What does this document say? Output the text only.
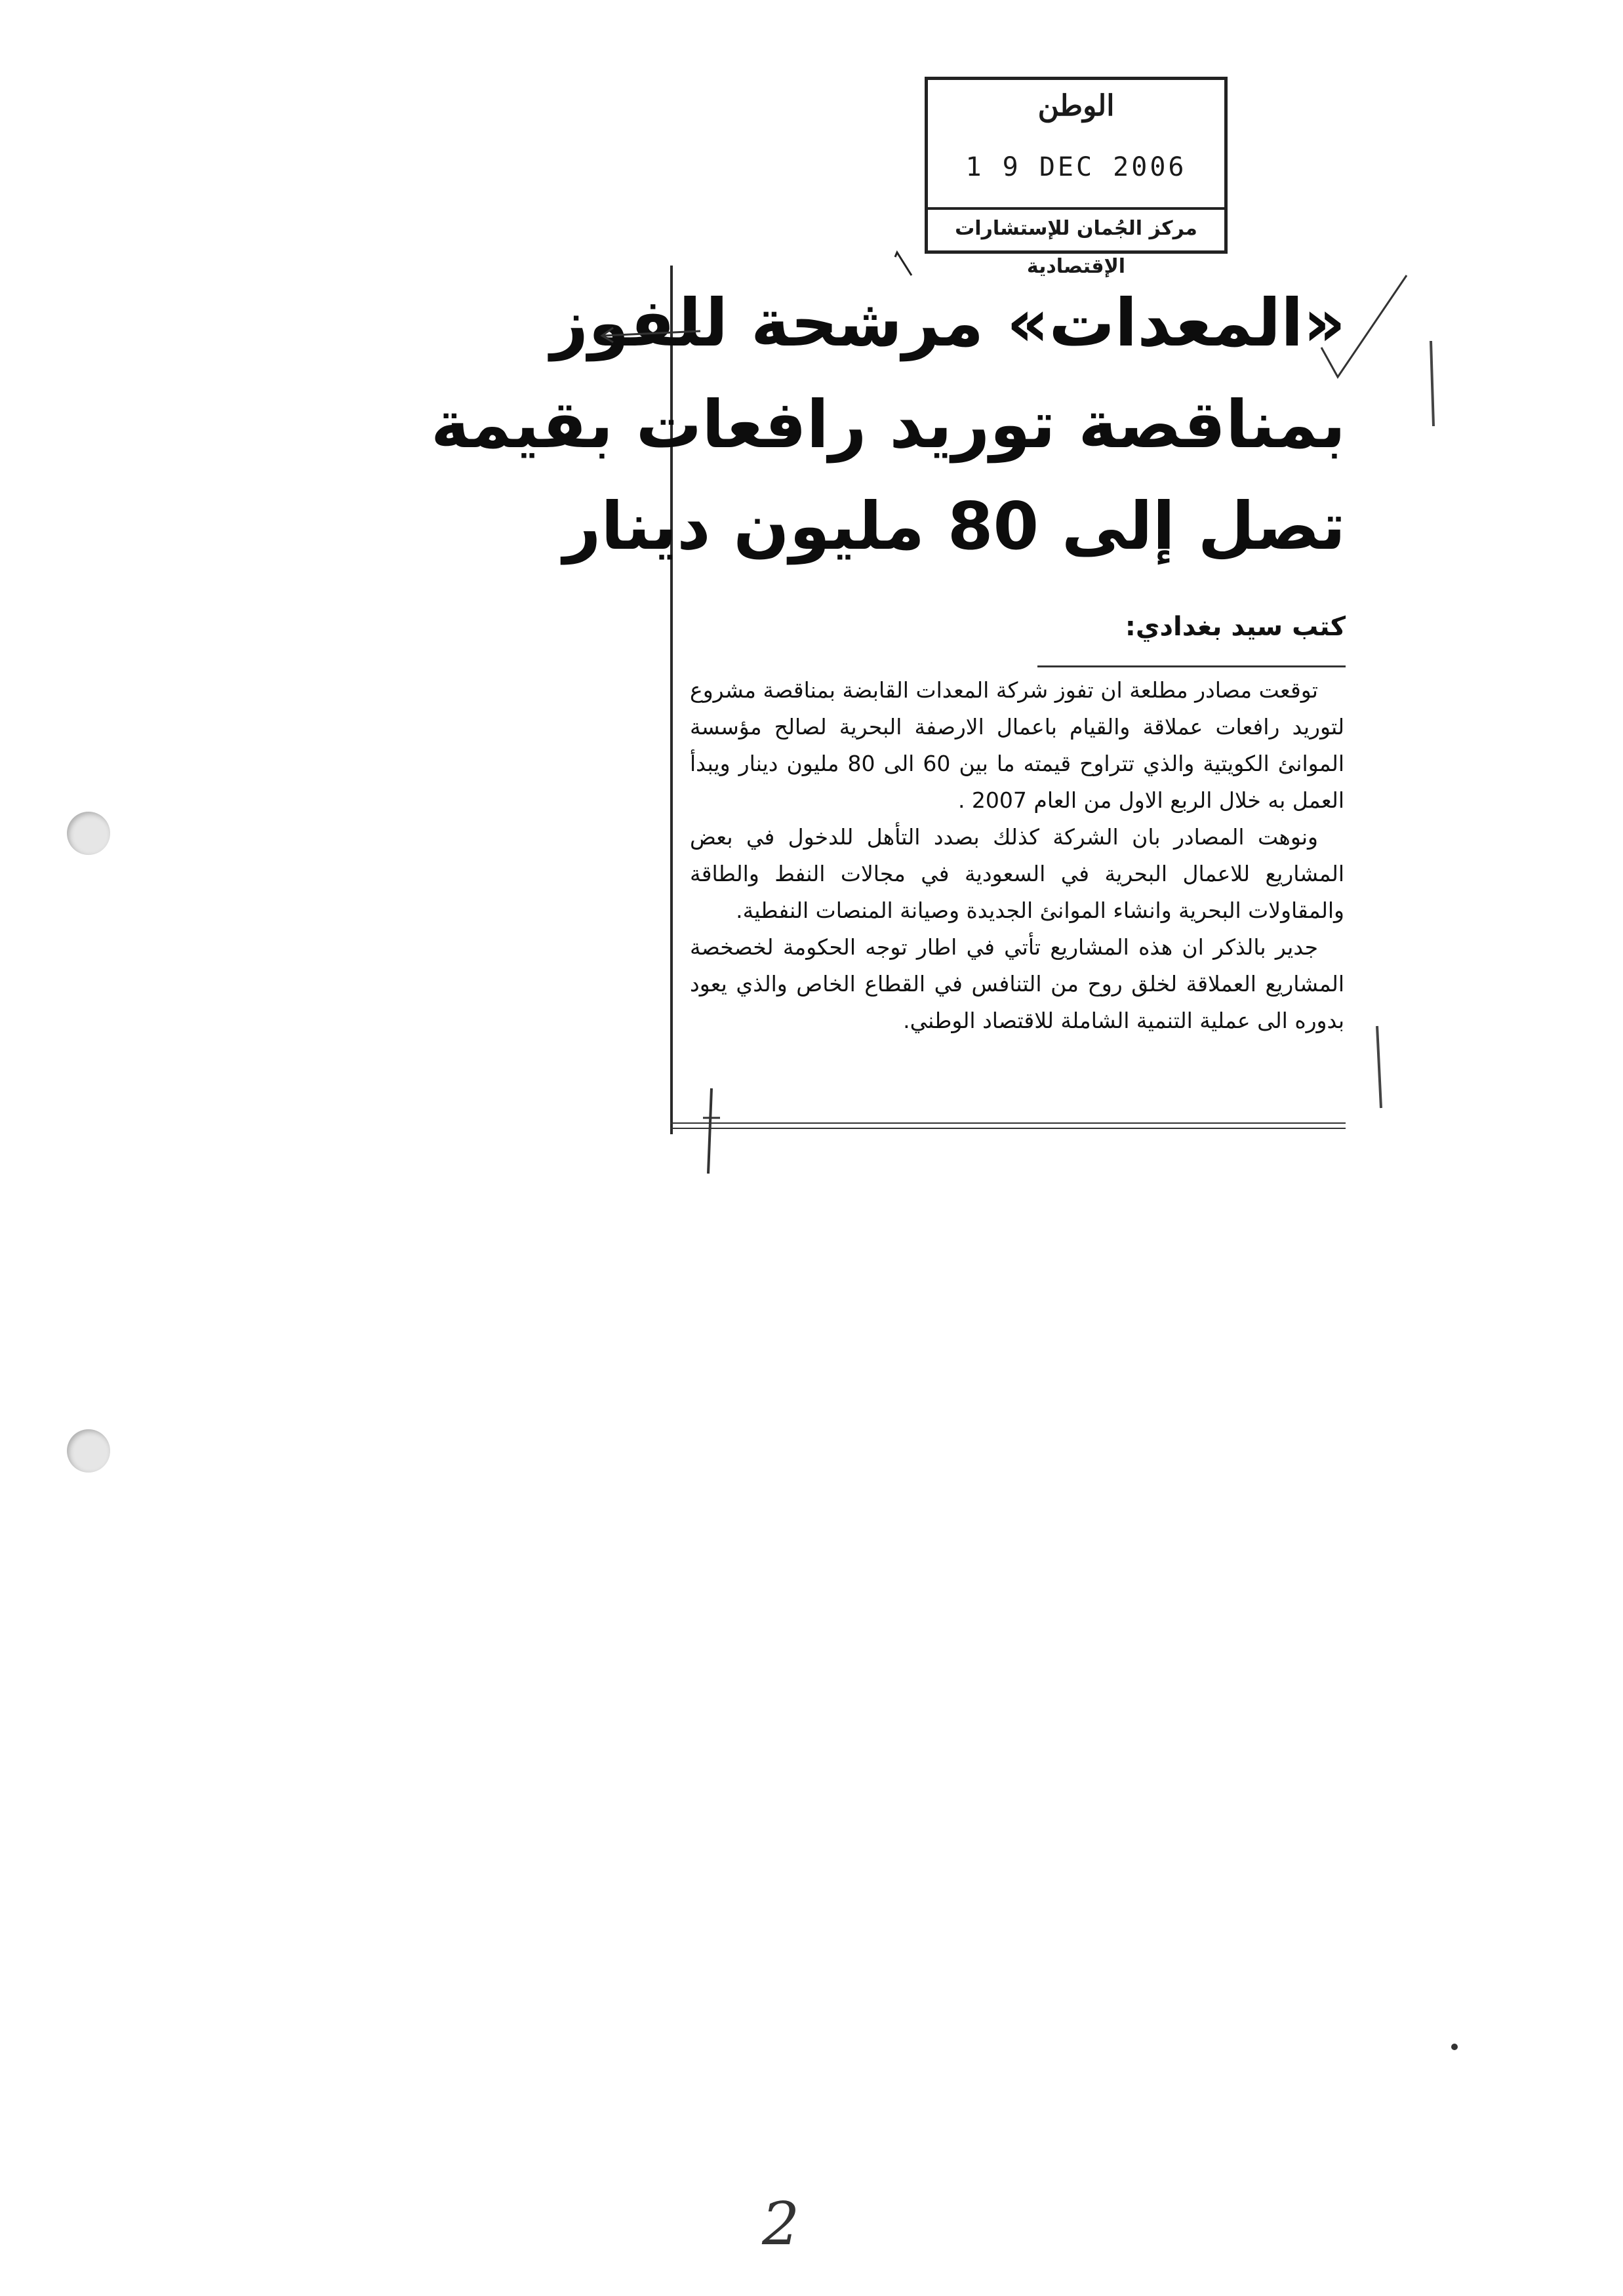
الوطن
1 9 DEC 2006
مركز الجُمان للإستشارات الإقتصادية
«المعدات» مرشحة للفوز
بمناقصة توريد رافعات بقيمة
تصل إلى 80 مليون دينار
كتب سيد بغدادي:

توقعت مصادر مطلعة ان تفوز شركة المعدات القابضة بمناقصة مشروع لتوريد رافعات عملاقة والقيام باعمال الارصفة البحرية لصالح مؤسسة الموانئ الكويتية والذي تتراوح قيمته ما بين 60 الى 80 مليون دينار ويبدأ العمل به خلال الربع الاول من العام 2007 .

ونوهت المصادر بان الشركة كذلك بصدد التأهل للدخول في بعض المشاريع للاعمال البحرية في السعودية في مجالات النفط والطاقة والمقاولات البحرية وانشاء الموانئ الجديدة وصيانة المنصات النفطية.

جدير بالذكر ان هذه المشاريع تأتي في اطار توجه الحكومة لخصخصة المشاريع العملاقة لخلق روح من التنافس في القطاع الخاص والذي يعود بدوره الى عملية التنمية الشاملة للاقتصاد الوطني.

2
